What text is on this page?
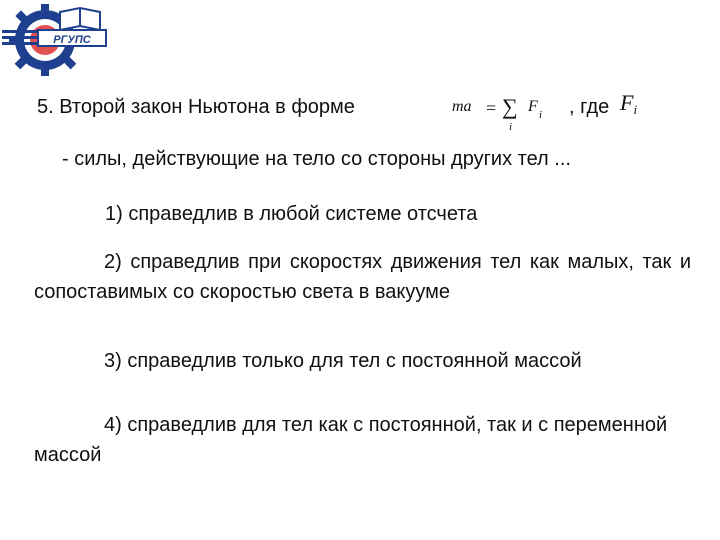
РГУПС
5. Второй закон Ньютона в форме	ma = ∑ F i
i
, где Fi
- силы, действующие на тело со стороны других тел ...
1) справедлив в любой системе отсчета

2) справедлив при скоростях движения тел как малых, так и сопоставимых со скоростью света в вакууме

3) справедлив только для тел с постоянной массой

4) справедлив для тел как с постоянной, так и с переменной массой
